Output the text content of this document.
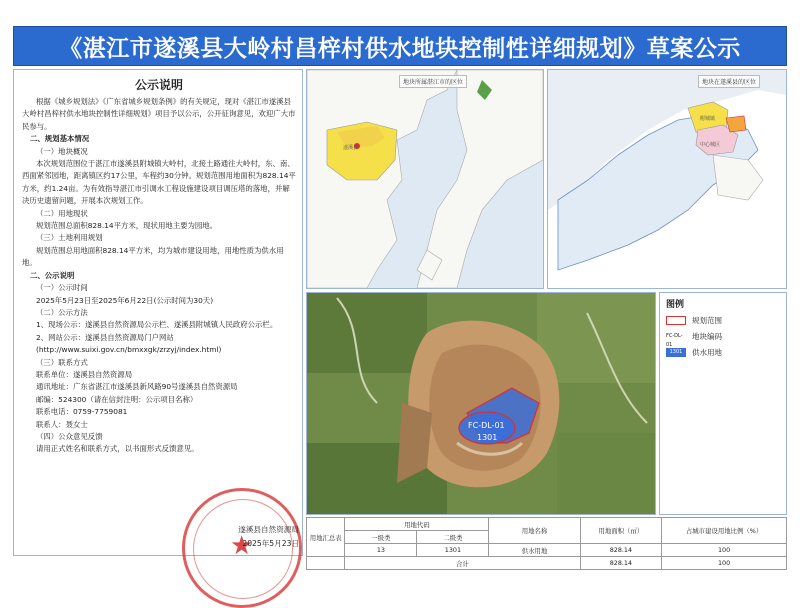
《湛江市遂溪县大岭村昌梓村供水地块控制性详细规划》草案公示
公示说明

根据《城乡规划法》《广东省城乡规划条例》的有关规定，现对《湛江市遂溪县大岭村昌梓村供水地块控制性详细规划》项目予以公示，公开征询意见，欢迎广大市民参与。

二、规划基本情况

（一）地块概况

本次规划范围位于湛江市遂溪县附城镇大岭村，北接土路通往大岭村，东、南、西面紧邻园地，距离镇区约17公里，车程约30分钟。规划范围用地面积为828.14平方米，约1.24亩。为有效指导湛江市引调水工程设施建设项目调压塔的落地，并解决历史遗留问题，开展本次规划工作。

（二）用地现状

规划范围总面积828.14平方米，现状用地主要为园地。

（三）土地利用规划

规划范围总用地面积828.14平方米，均为城市建设用地，用地性质为供水用地。

二、公示说明

（一）公示时间

2025年5月23日至2025年6月22日(公示时间为30天)

（二）公示方法

1、现场公示：遂溪县自然资源局公示栏、遂溪县附城镇人民政府公示栏。

2、网站公示：遂溪县自然资源局门户网站(http://www.suixi.gov.cn/bmxxgk/zrzyj/index.html)

（三）联系方式

联系单位：遂溪县自然资源局

通讯地址：广东省湛江市遂溪县新风路90号遂溪县自然资源局

邮编：524300（请在信封注明：公示项目名称）

联系电话：0759-7759081

联系人：聂女士

（四）公众意见反馈

请用正式姓名和联系方式，以书面形式反馈意见。

★
遂溪县自然资源局
2025年5月23日
地块所属湛江市的区位
遂溪县
地块在遂溪县的区位
附城镇
中心城区
FC-DL-01
1301
图例
规划范围
FC-DL-01
地块编码
1301	供水用地
用地汇总表	用地代码		用地名称	用地面积（㎡）	占城市建设用地比例（%）
	一级类	二级类			
	13	1301	供水用地	828.14	100
	合计			828.14	100
